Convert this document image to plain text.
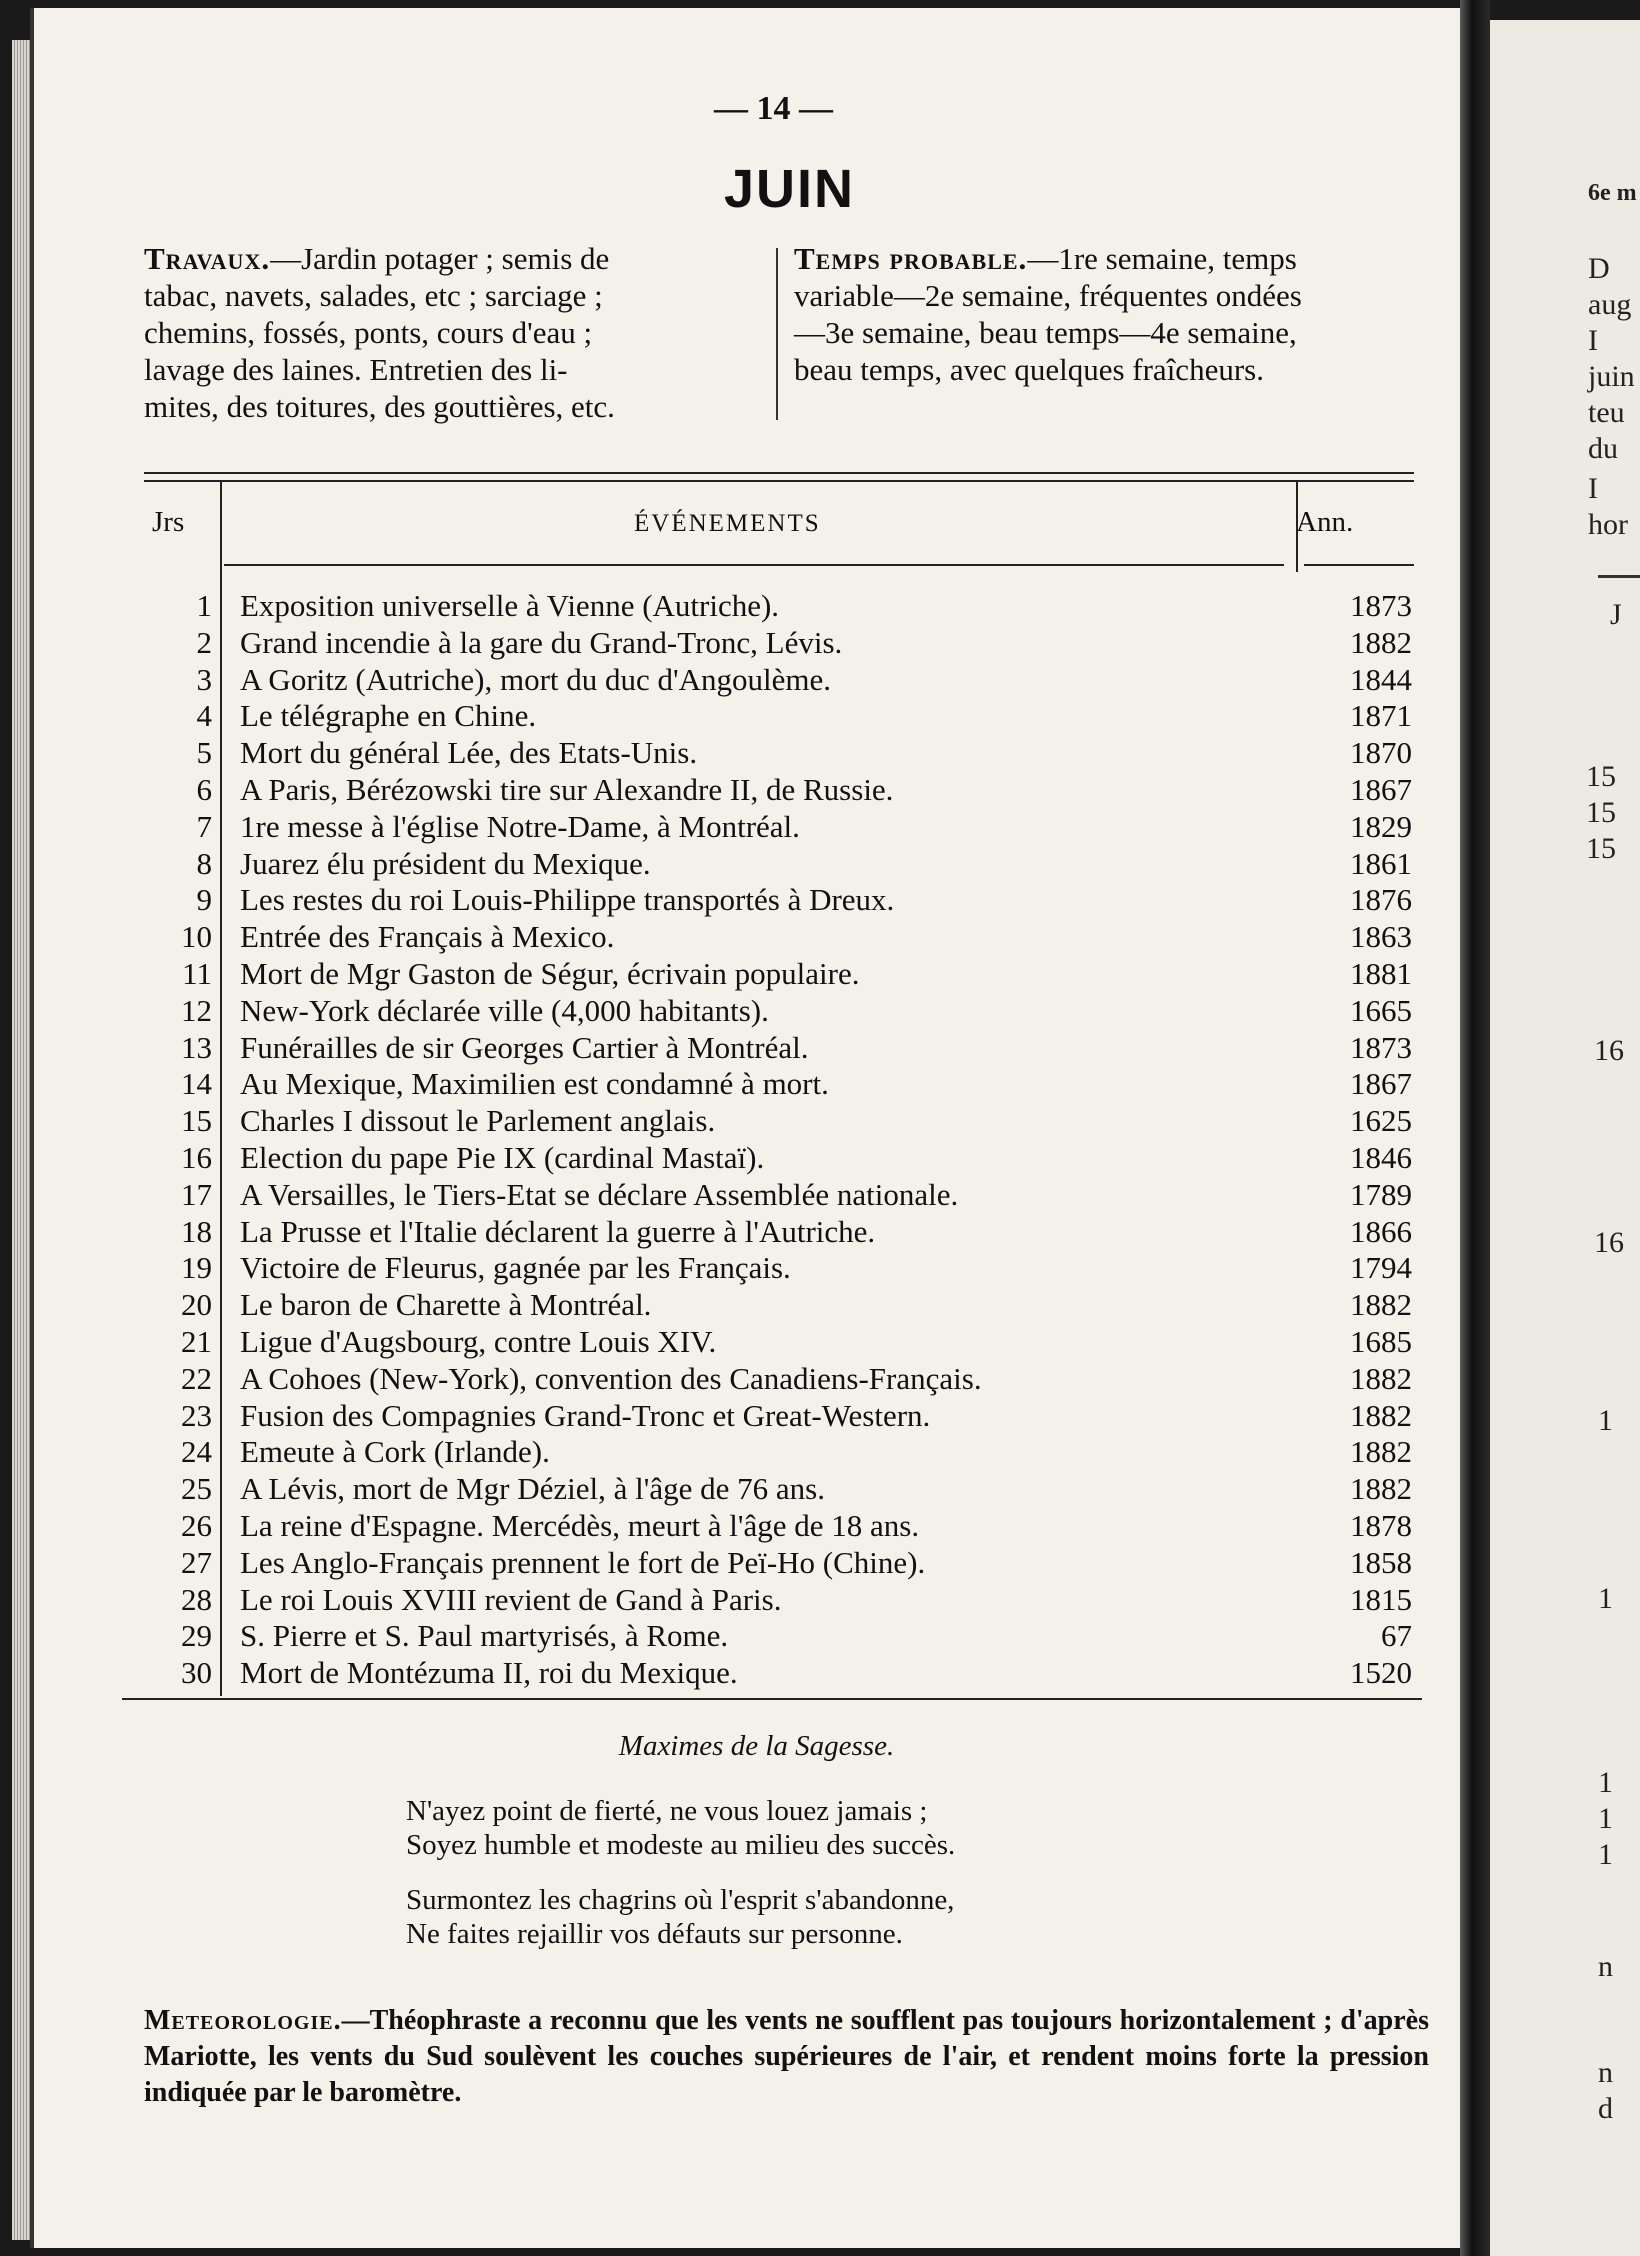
— 14 —
JUIN
Travaux.—Jardin potager ; semis de
tabac, navets, salades, etc ; sarciage ;
chemins, fossés, ponts, cours d'eau ;
lavage des laines. Entretien des li-
mites, des toitures, des gouttières, etc.
Temps probable.—1re semaine, temps
variable—2e semaine, fréquentes ondées
—3e semaine, beau temps—4e semaine,
beau temps, avec quelques fraîcheurs.
Jrs	ÉVÉNEMENTS	Ann.
1 Exposition universelle à Vienne (Autriche).	1873
2 Grand incendie à la gare du Grand-Tronc, Lévis.	1882
3 A Goritz (Autriche), mort du duc d'Angoulème.	1844
4 Le télégraphe en Chine.	1871
5 Mort du général Lée, des Etats-Unis.	1870
6 A Paris, Bérézowski tire sur Alexandre II, de Russie.	1867
7 1re messe à l'église Notre-Dame, à Montréal.	1829
8 Juarez élu président du Mexique.	1861
9 Les restes du roi Louis-Philippe transportés à Dreux.	1876
10 Entrée des Français à Mexico.	1863
11 Mort de Mgr Gaston de Ségur, écrivain populaire.	1881
12 New-York déclarée ville (4,000 habitants).	1665
13 Funérailles de sir Georges Cartier à Montréal.	1873
14 Au Mexique, Maximilien est condamné à mort.	1867
15 Charles I dissout le Parlement anglais.	1625
16 Election du pape Pie IX (cardinal Mastaï).	1846
17 A Versailles, le Tiers-Etat se déclare Assemblée nationale.	1789
18 La Prusse et l'Italie déclarent la guerre à l'Autriche.	1866
19 Victoire de Fleurus, gagnée par les Français.	1794
20 Le baron de Charette à Montréal.	1882
21 Ligue d'Augsbourg, contre Louis XIV.	1685
22 A Cohoes (New-York), convention des Canadiens-Français.	1882
23 Fusion des Compagnies Grand-Tronc et Great-Western.	1882
24 Emeute à Cork (Irlande).	1882
25 A Lévis, mort de Mgr Déziel, à l'âge de 76 ans.	1882
26 La reine d'Espagne. Mercédès, meurt à l'âge de 18 ans.	1878
27 Les Anglo-Français prennent le fort de Peï-Ho (Chine).	1858
28 Le roi Louis XVIII revient de Gand à Paris.	1815
29 S. Pierre et S. Paul martyrisés, à Rome.	67
30 Mort de Montézuma II, roi du Mexique.	1520
Maximes de la Sagesse.
N'ayez point de fierté, ne vous louez jamais ;
Soyez humble et modeste au milieu des succès.
Surmontez les chagrins où l'esprit s'abandonne,
Ne faites rejaillir vos défauts sur personne.
Meteorologie.—Théophraste a reconnu que les vents ne soufflent pas toujours horizontalement ; d'après Mariotte, les vents du Sud soulèvent les couches supérieures de l'air, et rendent moins forte la pression indiquée par le baromètre.
6e m
D
aug
I
juin
teu
du
I
hor
J
15
15
15
16
16
1
1
1
1
1
n
n
d
